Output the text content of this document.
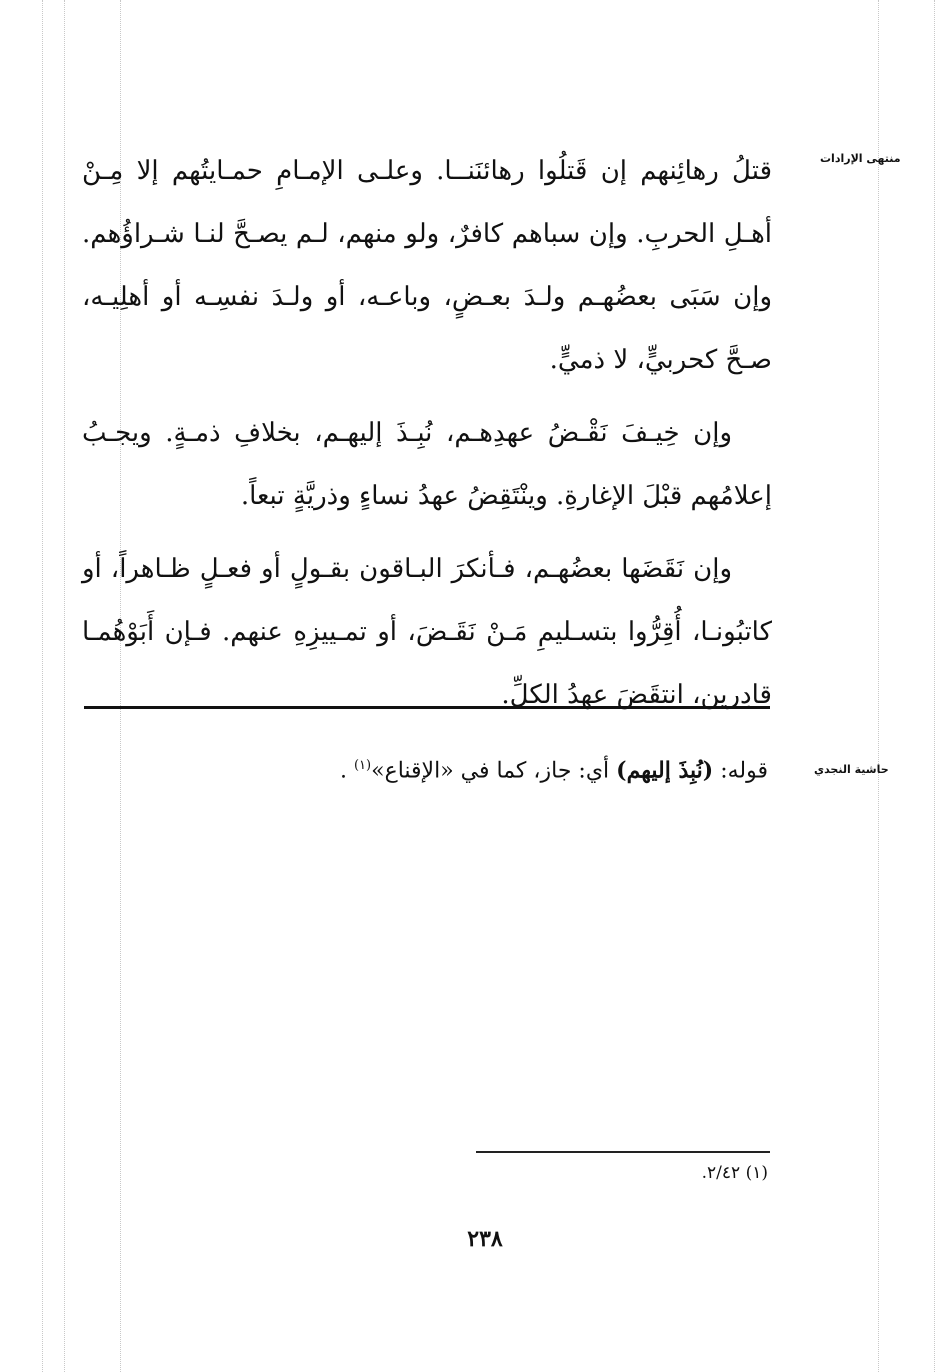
منتهى الإرادات

قتلُ رهائِنهم إن قَتلُوا رهائنَنــا. وعلـى الإمـامِ حمـايتُهم إلا مِـنْ أهـلِ الحربِ. وإن سباهم كافرٌ، ولو منهم، لـم يصـحَّ لنـا شـراؤُهم. وإن سَبَى بعضُهـم ولـدَ بعـضٍ، وباعـه، أو ولـدَ نفسِـه أو أهلِيـه، صـحَّ كحربيٍّ، لا ذميٍّ.

وإن خِيـفَ نَقْـضُ عهدِهـم، نُبِـذَ إليهـم، بخلافِ ذمـةٍ. ويجـبُ إعلامُهم قبْلَ الإغارةِ. وينْتَقِضُ عهدُ نساءٍ وذريَّةٍ تبعاً.

وإن نَقَضَها بعضُهـم، فـأنكرَ البـاقون بقـولٍ أو فعـلٍ ظـاهراً، أو كاتبُونـا، أُقِرُّوا بتسـليمِ مَـنْ نَقَـضَ، أو تمـييزِهِ عنهم. فـإن أَبَوْهُمـا قادِرين، انتقَضَ عهدُ الكلِّ.

حاشية النجدي
قوله: (نُبِذَ إليهم) أي: جاز، كما في «الإقناع»$^{(١)}$ .
(١) ٢/٤٢.
٢٣٨
